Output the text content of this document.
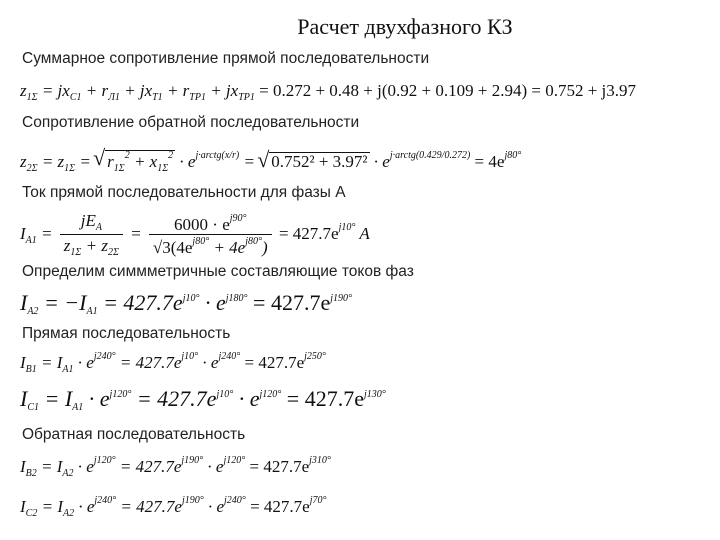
Расчет двухфазного КЗ
Суммарное сопротивление прямой последовательности
$z_{1\Sigma} = jx_{C1} + r_{Л1} + jx_{T1} + r_{TP1} + jx_{TP1} = 0.272 + 0.48 + j(0.92 + 0.109 + 2.94) = 0.752 + j3.97$
Сопротивление обратной последовательности
$z_{2\Sigma} = z_{1\Sigma}$ = √ $r_{1\Sigma}^2 + x_{1\Sigma}^2 \cdot e^{j\cdot arctg(x/r)}$ = √ $0.752^2 + 3.97^2 \cdot e^{j\cdot arctg(0.429/0.272)} = 4e^{j80^\circ}$
Ток прямой последовательности для фазы А
$I_{A1} = \frac{jE_A}{z_{1\Sigma} + z_{2\Sigma}} = \frac{6000 \cdot e^{j90^\circ}}{√3(4e^{j80^\circ} + 4e^{j80^\circ})} = 427.7e^{j10^\circ}$ A
Определим симмметричные составляющие токов фаз
$I_{A2} = -I_{A1} = 427.7e^{j10^\circ} \cdot e^{j180^\circ} = 427.7e^{j190^\circ}$
Прямая последовательность
$I_{B1} = I_{A1} \cdot e^{j240^\circ} = 427.7e^{j10^\circ} \cdot e^{j240^\circ} = 427.7e^{j250^\circ}$
$I_{C1} = I_{A1} \cdot e^{j120^\circ} = 427.7e^{j10^\circ} \cdot e^{j120^\circ} = 427.7e^{j130^\circ}$
Обратная последовательность
$I_{B2} = I_{A2} \cdot e^{j120^\circ} = 427.7e^{j190^\circ} \cdot e^{j120^\circ} = 427.7e^{j310^\circ}$
$I_{C2} = I_{A2} \cdot e^{j240^\circ} = 427.7e^{j190^\circ} \cdot e^{j240^\circ} = 427.7e^{j70^\circ}$
